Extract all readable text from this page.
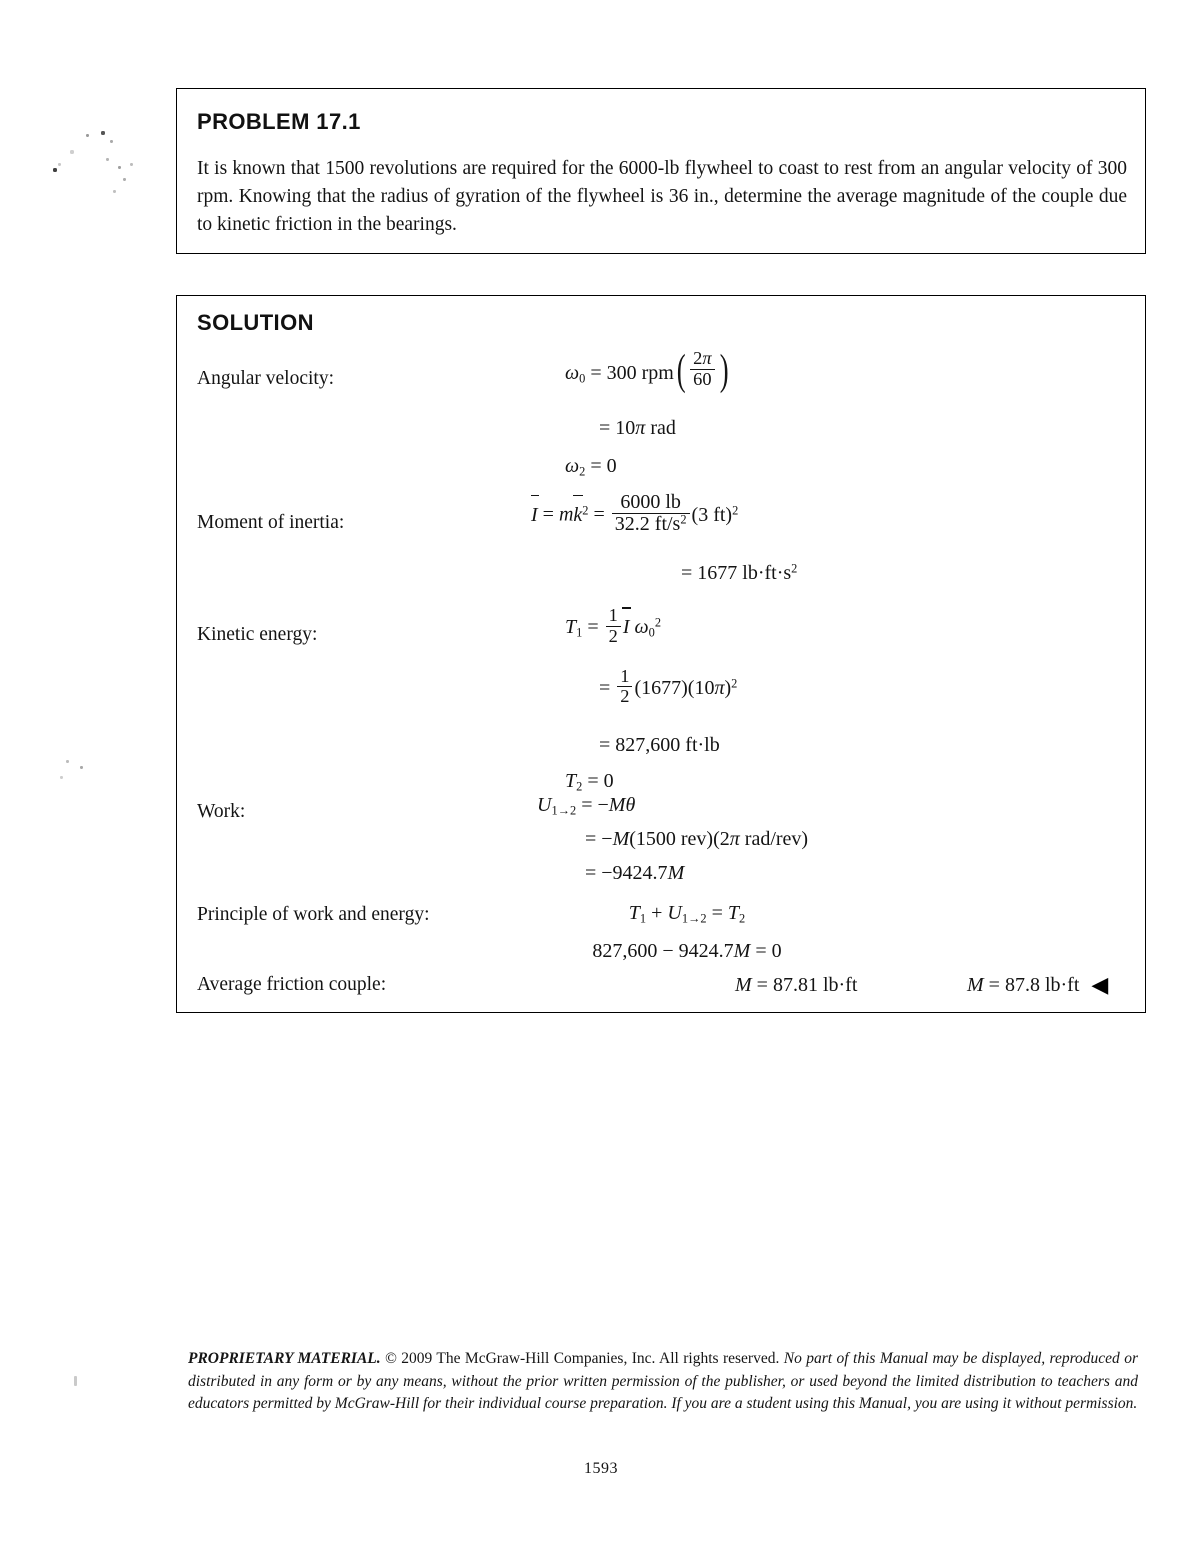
PROBLEM 17.1
It is known that 1500 revolutions are required for the 6000-lb flywheel to coast to rest from an angular velocity of 300 rpm. Knowing that the radius of gyration of the flywheel is 36 in., determine the average magnitude of the couple due to kinetic friction in the bearings.
SOLUTION
Angular velocity:	$\omega_0 = 300$ $rpm( \frac{2\pi}{60}$ )
= 10π rad
$\omega_2 = 0$
Moment of inertia:	$I = mk^2 = \frac{6000 lb}{32.2 ft/s^2} (3$ ft)$^2$
= 1677 $lb\cdot ft\cdot s^2$
Kinetic energy:	$T_1 = \frac{1}{2}$ I $\omega_0^2$
= $\frac{1}{2} (1677)(10\pi)^2$
= 827,600 ft·lb
$T_2 = 0$
Work:	$U_{1\to 2} = -M\theta$
= −M(1500 rev)(2π rad/rev)
= −9424.7M
Principle of work and energy:	$T_1 + U_{1\to 2} = T_2$
827,600 − 9424.7M = 0
Average friction couple:	M = 87.81 lb·ft	M = 87.8 lb·ft ◀
PROPRIETARY MATERIAL. © 2009 The McGraw-Hill Companies, Inc. All rights reserved. No part of this Manual may be displayed, reproduced or distributed in any form or by any means, without the prior written permission of the publisher, or used beyond the limited distribution to teachers and educators permitted by McGraw-Hill for their individual course preparation. If you are a student using this Manual, you are using it without permission.
1593
